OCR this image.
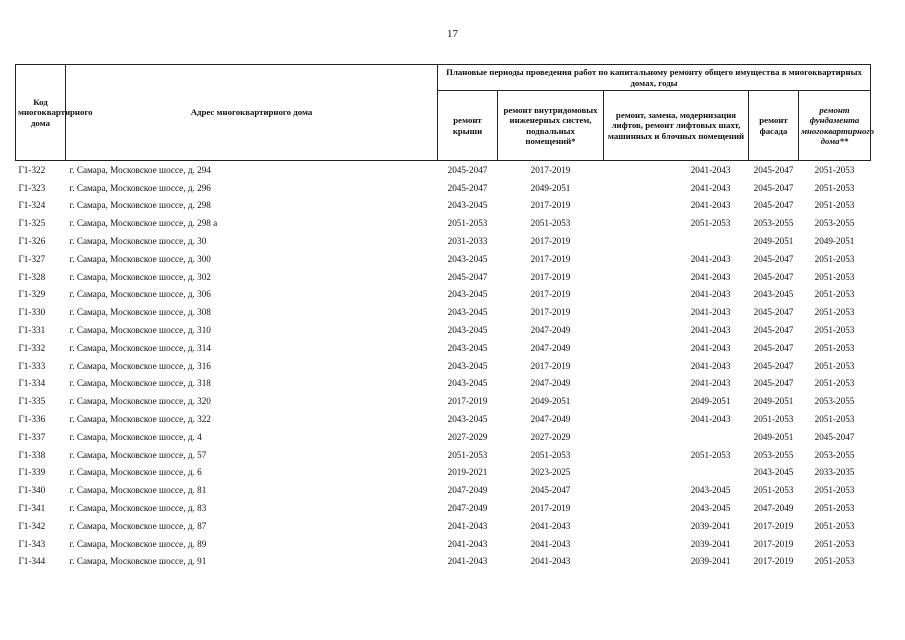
17
Код многоквартирного дома	Адрес многоквартирного дома	Плановые периоды проведения работ по капитальному ремонту общего имущества в многоквартирных домах, годы				
		ремонт крыши	ремонт внутридомовых инженерных систем, подвальных помещений*	ремонт, замена, модернизация лифтов, ремонт лифтовых шахт, машинных и блочных помещений	ремонт фасада	ремонт фундамента многоквартирного дома**
Г1-322	г. Самара, Московское шоссе, д. 294	2045-2047	2017-2019	2041-2043	2045-2047	2051-2053
Г1-323	г. Самара, Московское шоссе, д. 296	2045-2047	2049-2051	2041-2043	2045-2047	2051-2053
Г1-324	г. Самара, Московское шоссе, д. 298	2043-2045	2017-2019	2041-2043	2045-2047	2051-2053
Г1-325	г. Самара, Московское шоссе, д. 298 а	2051-2053	2051-2053	2051-2053	2053-2055	2053-2055
Г1-326	г. Самара, Московское шоссе, д. 30	2031-2033	2017-2019		2049-2051	2049-2051
Г1-327	г. Самара, Московское шоссе, д. 300	2043-2045	2017-2019	2041-2043	2045-2047	2051-2053
Г1-328	г. Самара, Московское шоссе, д. 302	2045-2047	2017-2019	2041-2043	2045-2047	2051-2053
Г1-329	г. Самара, Московское шоссе, д. 306	2043-2045	2017-2019	2041-2043	2043-2045	2051-2053
Г1-330	г. Самара, Московское шоссе, д. 308	2043-2045	2017-2019	2041-2043	2045-2047	2051-2053
Г1-331	г. Самара, Московское шоссе, д. 310	2043-2045	2047-2049	2041-2043	2045-2047	2051-2053
Г1-332	г. Самара, Московское шоссе, д. 314	2043-2045	2047-2049	2041-2043	2045-2047	2051-2053
Г1-333	г. Самара, Московское шоссе, д. 316	2043-2045	2017-2019	2041-2043	2045-2047	2051-2053
Г1-334	г. Самара, Московское шоссе, д. 318	2043-2045	2047-2049	2041-2043	2045-2047	2051-2053
Г1-335	г. Самара, Московское шоссе, д. 320	2017-2019	2049-2051	2049-2051	2049-2051	2053-2055
Г1-336	г. Самара, Московское шоссе, д. 322	2043-2045	2047-2049	2041-2043	2051-2053	2051-2053
Г1-337	г. Самара, Московское шоссе, д. 4	2027-2029	2027-2029		2049-2051	2045-2047
Г1-338	г. Самара, Московское шоссе, д. 57	2051-2053	2051-2053	2051-2053	2053-2055	2053-2055
Г1-339	г. Самара, Московское шоссе, д. 6	2019-2021	2023-2025		2043-2045	2033-2035
Г1-340	г. Самара, Московское шоссе, д. 81	2047-2049	2045-2047	2043-2045	2051-2053	2051-2053
Г1-341	г. Самара, Московское шоссе, д. 83	2047-2049	2017-2019	2043-2045	2047-2049	2051-2053
Г1-342	г. Самара, Московское шоссе, д. 87	2041-2043	2041-2043	2039-2041	2017-2019	2051-2053
Г1-343	г. Самара, Московское шоссе, д. 89	2041-2043	2041-2043	2039-2041	2017-2019	2051-2053
Г1-344	г. Самара, Московское шоссе, д. 91	2041-2043	2041-2043	2039-2041	2017-2019	2051-2053
